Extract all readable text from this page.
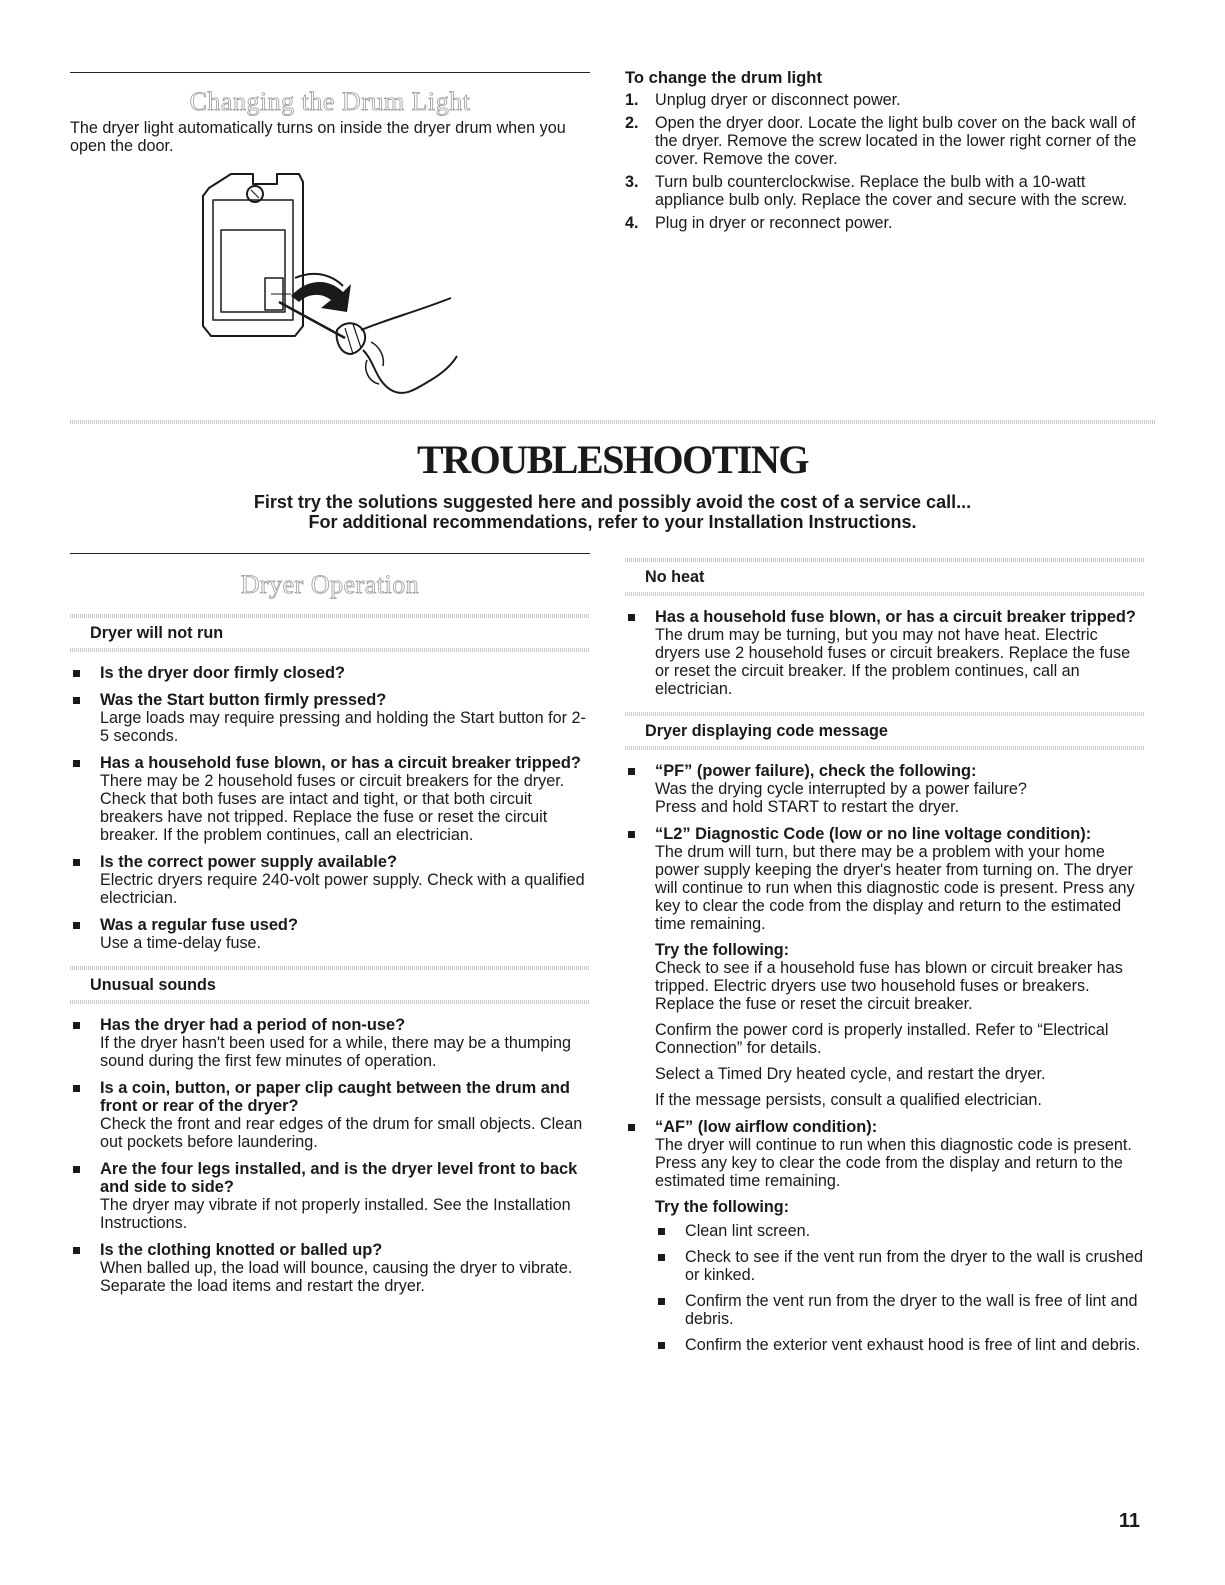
Changing the Drum Light

The dryer light automatically turns on inside the dryer drum when you open the door.

To change the drum light
1. Unplug dryer or disconnect power.
2. Open the dryer door. Locate the light bulb cover on the back wall of the dryer. Remove the screw located in the lower right corner of the cover. Remove the cover.
3. Turn bulb counterclockwise. Replace the bulb with a 10-watt appliance bulb only. Replace the cover and secure with the screw.
4. Plug in dryer or reconnect power.
TROUBLESHOOTING
First try the solutions suggested here and possibly avoid the cost of a service call...
For additional recommendations, refer to your Installation Instructions.
Dryer Operation
Dryer will not run
Is the dryer door firmly closed?
Was the Start button firmly pressed?
Large loads may require pressing and holding the Start button for 2-5 seconds.
Has a household fuse blown, or has a circuit breaker tripped?
There may be 2 household fuses or circuit breakers for the dryer. Check that both fuses are intact and tight, or that both circuit breakers have not tripped. Replace the fuse or reset the circuit breaker. If the problem continues, call an electrician.
Is the correct power supply available?
Electric dryers require 240-volt power supply. Check with a qualified electrician.
Was a regular fuse used?
Use a time-delay fuse.
Unusual sounds
Has the dryer had a period of non-use?
If the dryer hasn't been used for a while, there may be a thumping sound during the first few minutes of operation.
Is a coin, button, or paper clip caught between the drum and front or rear of the dryer?
Check the front and rear edges of the drum for small objects. Clean out pockets before laundering.
Are the four legs installed, and is the dryer level front to back and side to side?
The dryer may vibrate if not properly installed. See the Installation Instructions.
Is the clothing knotted or balled up?
When balled up, the load will bounce, causing the dryer to vibrate. Separate the load items and restart the dryer.
No heat
Has a household fuse blown, or has a circuit breaker tripped?
The drum may be turning, but you may not have heat. Electric dryers use 2 household fuses or circuit breakers. Replace the fuse or reset the circuit breaker. If the problem continues, call an electrician.
Dryer displaying code message
“PF” (power failure), check the following:
Was the drying cycle interrupted by a power failure?
Press and hold START to restart the dryer.
“L2” Diagnostic Code (low or no line voltage condition):
The drum will turn, but there may be a problem with your home power supply keeping the dryer's heater from turning on. The dryer will continue to run when this diagnostic code is present. Press any key to clear the code from the display and return to the estimated time remaining.
Try the following:
Check to see if a household fuse has blown or circuit breaker has tripped. Electric dryers use two household fuses or breakers. Replace the fuse or reset the circuit breaker.
Confirm the power cord is properly installed. Refer to “Electrical Connection” for details.
Select a Timed Dry heated cycle, and restart the dryer.
If the message persists, consult a qualified electrician.
“AF” (low airflow condition):
The dryer will continue to run when this diagnostic code is present. Press any key to clear the code from the display and return to the estimated time remaining.
Try the following:
Clean lint screen.
Check to see if the vent run from the dryer to the wall is crushed or kinked.
Confirm the vent run from the dryer to the wall is free of lint and debris.
Confirm the exterior vent exhaust hood is free of lint and debris.
11
